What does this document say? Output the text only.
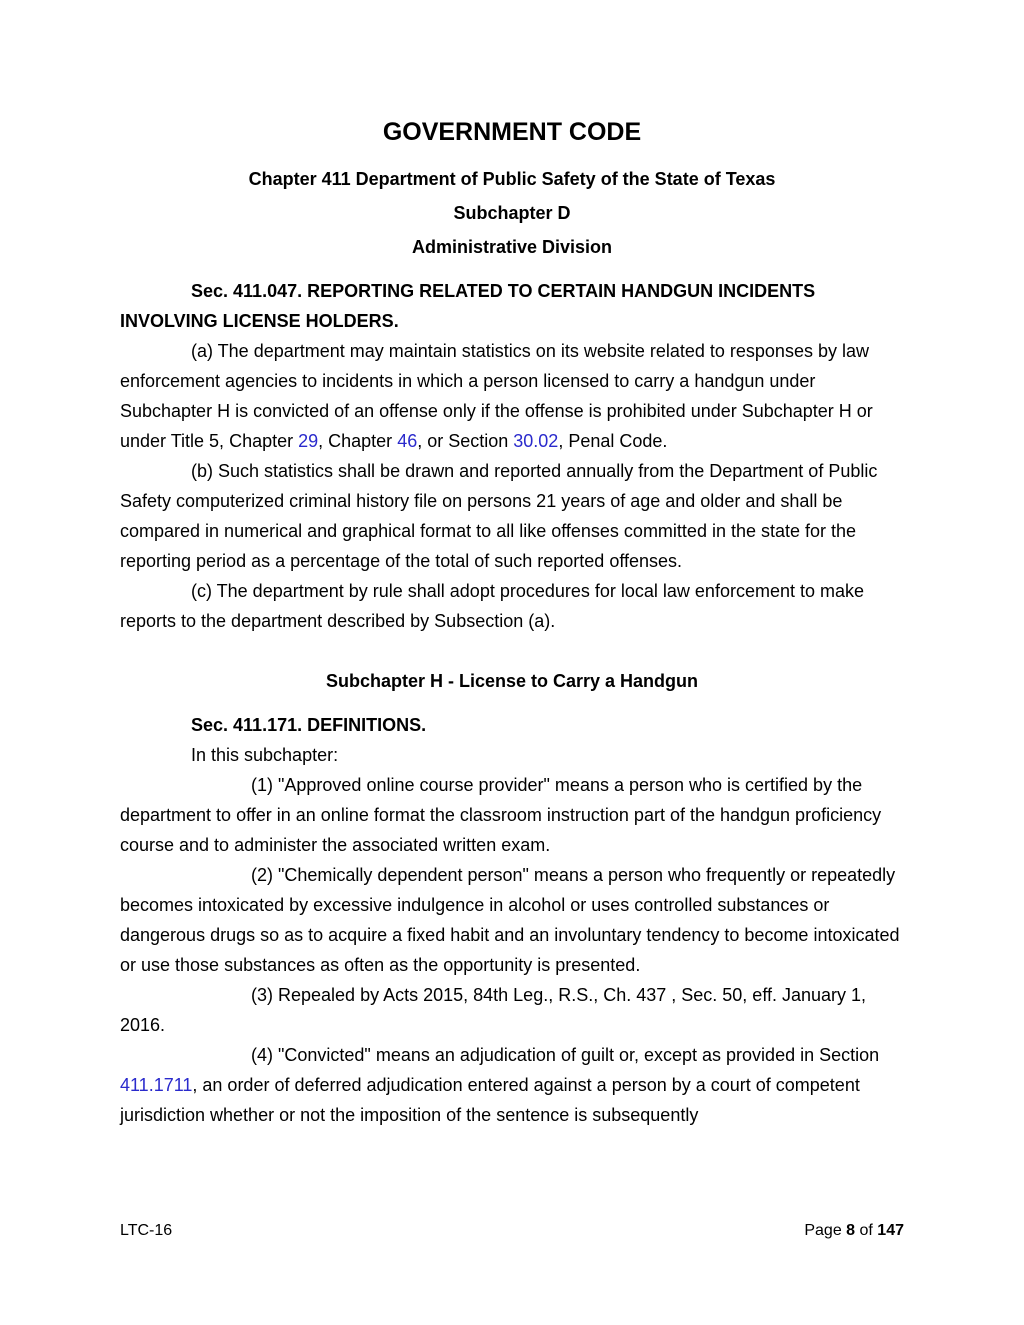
GOVERNMENT CODE

Chapter 411 Department of Public Safety of the State of Texas

Subchapter D

Administrative Division

Sec. 411.047. REPORTING RELATED TO CERTAIN HANDGUN INCIDENTS
INVOLVING LICENSE HOLDERS.

(a) The department may maintain statistics on its website related to responses by law enforcement agencies to incidents in which a person licensed to carry a handgun under Subchapter H is convicted of an offense only if the offense is prohibited under Subchapter H or under Title 5, Chapter 29, Chapter 46, or Section 30.02, Penal Code.

(b) Such statistics shall be drawn and reported annually from the Department of Public Safety computerized criminal history file on persons 21 years of age and older and shall be compared in numerical and graphical format to all like offenses committed in the state for the reporting period as a percentage of the total of such reported offenses.

(c) The department by rule shall adopt procedures for local law enforcement to make reports to the department described by Subsection (a).

Subchapter H - License to Carry a Handgun

Sec. 411.171. DEFINITIONS.

In this subchapter:

(1) "Approved online course provider" means a person who is certified by the department to offer in an online format the classroom instruction part of the handgun proficiency course and to administer the associated written exam.

(2) "Chemically dependent person" means a person who frequently or repeatedly becomes intoxicated by excessive indulgence in alcohol or uses controlled substances or dangerous drugs so as to acquire a fixed habit and an involuntary tendency to become intoxicated or use those substances as often as the opportunity is presented.

(3) Repealed by Acts 2015, 84th Leg., R.S., Ch. 437 , Sec. 50, eff. January 1, 2016.

(4) "Convicted" means an adjudication of guilt or, except as provided in Section 411.1711, an order of deferred adjudication entered against a person by a court of competent jurisdiction whether or not the imposition of the sentence is subsequently

LTC-16	Page 8 of 147
